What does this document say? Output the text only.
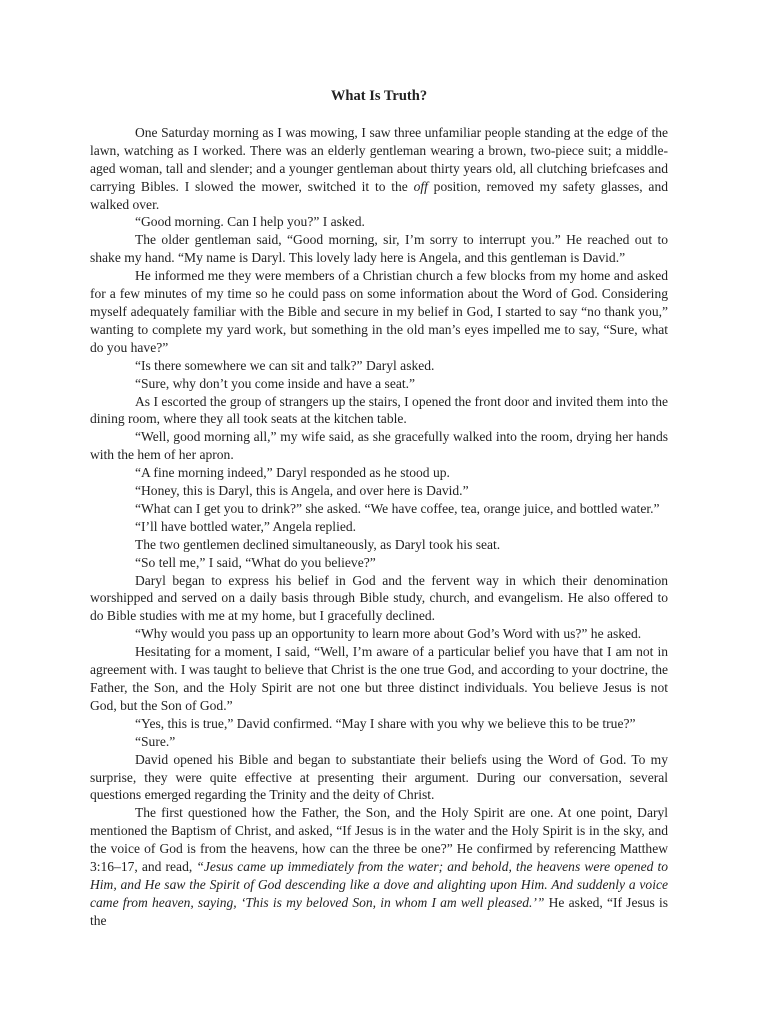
What Is Truth?

One Saturday morning as I was mowing, I saw three unfamiliar people standing at the edge of the lawn, watching as I worked. There was an elderly gentleman wearing a brown, two-piece suit; a middle-aged woman, tall and slender; and a younger gentleman about thirty years old, all clutching briefcases and carrying Bibles. I slowed the mower, switched it to the off position, removed my safety glasses, and walked over.

“Good morning. Can I help you?” I asked.

The older gentleman said, “Good morning, sir, I’m sorry to interrupt you.” He reached out to shake my hand. “My name is Daryl. This lovely lady here is Angela, and this gentleman is David.”

He informed me they were members of a Christian church a few blocks from my home and asked for a few minutes of my time so he could pass on some information about the Word of God. Considering myself adequately familiar with the Bible and secure in my belief in God, I started to say “no thank you,” wanting to complete my yard work, but something in the old man’s eyes impelled me to say, “Sure, what do you have?”

“Is there somewhere we can sit and talk?” Daryl asked.

“Sure, why don’t you come inside and have a seat.”

As I escorted the group of strangers up the stairs, I opened the front door and invited them into the dining room, where they all took seats at the kitchen table.

“Well, good morning all,” my wife said, as she gracefully walked into the room, drying her hands with the hem of her apron.

“A fine morning indeed,” Daryl responded as he stood up.

“Honey, this is Daryl, this is Angela, and over here is David.”

“What can I get you to drink?” she asked. “We have coffee, tea, orange juice, and bottled water.”

“I’ll have bottled water,” Angela replied.

The two gentlemen declined simultaneously, as Daryl took his seat.

“So tell me,” I said, “What do you believe?”

Daryl began to express his belief in God and the fervent way in which their denomination worshipped and served on a daily basis through Bible study, church, and evangelism. He also offered to do Bible studies with me at my home, but I gracefully declined.

“Why would you pass up an opportunity to learn more about God’s Word with us?” he asked.

Hesitating for a moment, I said, “Well, I’m aware of a particular belief you have that I am not in agreement with. I was taught to believe that Christ is the one true God, and according to your doctrine, the Father, the Son, and the Holy Spirit are not one but three distinct individuals. You believe Jesus is not God, but the Son of God.”

“Yes, this is true,” David confirmed. “May I share with you why we believe this to be true?”

“Sure.”

David opened his Bible and began to substantiate their beliefs using the Word of God. To my surprise, they were quite effective at presenting their argument. During our conversation, several questions emerged regarding the Trinity and the deity of Christ.

The first questioned how the Father, the Son, and the Holy Spirit are one. At one point, Daryl mentioned the Baptism of Christ, and asked, “If Jesus is in the water and the Holy Spirit is in the sky, and the voice of God is from the heavens, how can the three be one?” He confirmed by referencing Matthew 3:16–17, and read, “Jesus came up immediately from the water; and behold, the heavens were opened to Him, and He saw the Spirit of God descending like a dove and alighting upon Him. And suddenly a voice came from heaven, saying, ‘This is my beloved Son, in whom I am well pleased.’” He asked, “If Jesus is the
